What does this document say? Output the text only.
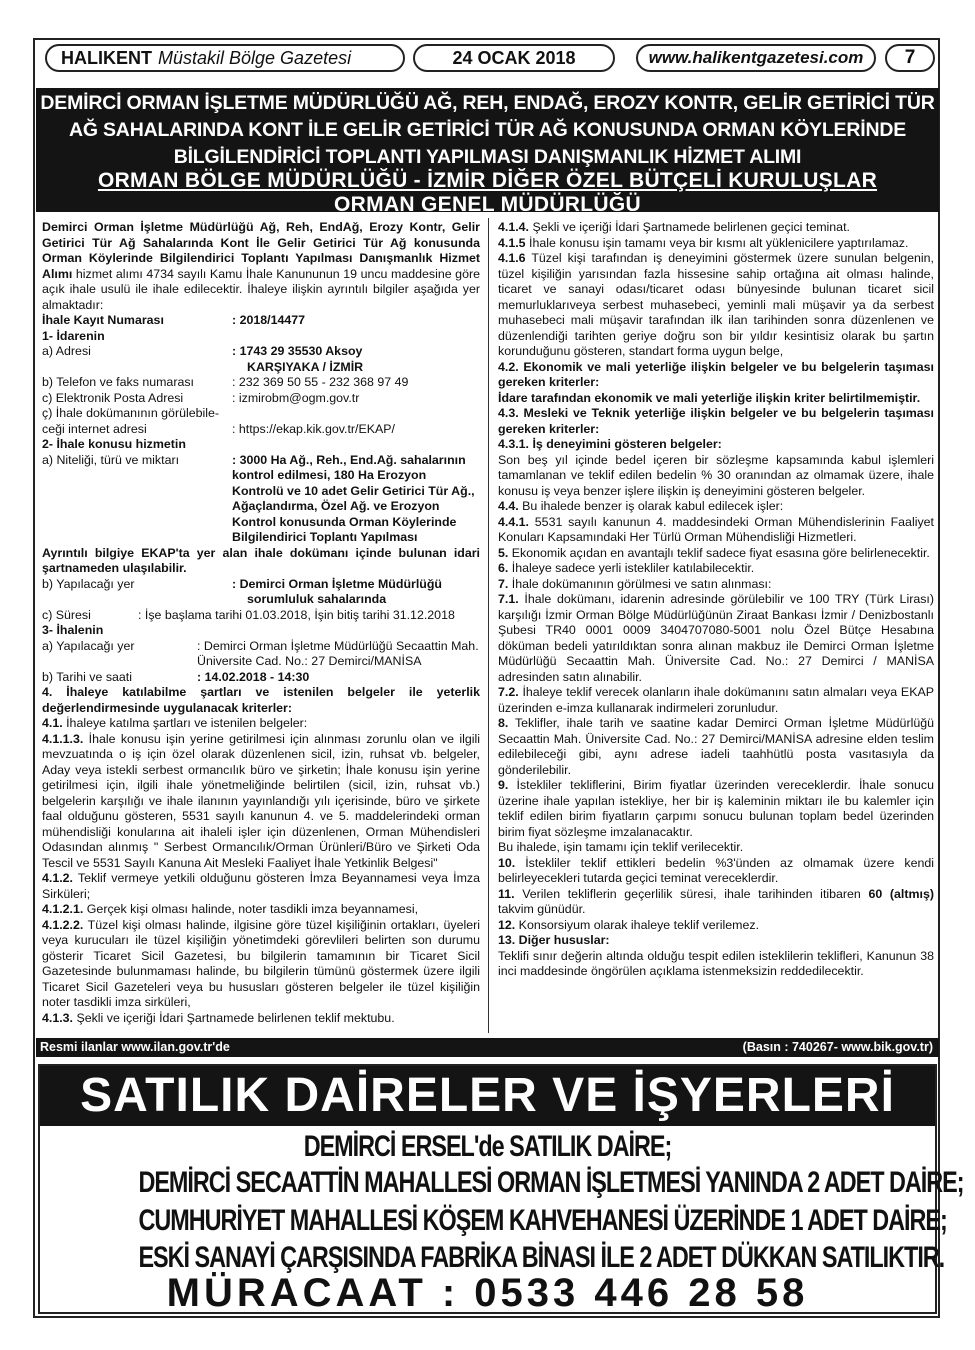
HALIKENT Müstakil Bölge Gazetesi	24 OCAK 2018	www.halikentgazetesi.com	7
DEMİRCİ ORMAN İŞLETME MÜDÜRLÜĞÜ AĞ, REH, ENDAĞ, EROZY KONTR, GELİR GETİRİCİ TÜR
AĞ SAHALARINDA KONT İLE GELİR GETİRİCİ TÜR AĞ KONUSUNDA ORMAN KÖYLERİNDE
BİLGİLENDİRİCİ TOPLANTI YAPILMASI DANIŞMANLIK HİZMET ALIMI
ORMAN BÖLGE MÜDÜRLÜĞÜ - İZMİR DİĞER ÖZEL BÜTÇELİ KURULUŞLAR
ORMAN GENEL MÜDÜRLÜĞÜ

Demirci Orman İşletme Müdürlüğü Ağ, Reh, EndAğ, Erozy Kontr, Gelir Getirici Tür Ağ Sahalarında Kont İle Gelir Getirici Tür Ağ konusunda Orman Köylerinde Bilgilendirici Toplantı Yapılması Danışmanlık Hizmet Alımı hizmet alımı 4734 sayılı Kamu İhale Kanununun 19 uncu maddesine göre açık ihale usulü ile ihale edilecektir. İhaleye ilişkin ayrıntılı bilgiler aşağıda yer almaktadır:

İhale Kayıt Numarası	: 2018/14477

1- İdarenin

a) Adresi	: 1743 29 35530 Aksoy
KARŞIYAKA / İZMİR
b) Telefon ve faks numarası	: 232 369 50 55 - 232 368 97 49
c) Elektronik Posta Adresi	: izmirobm@ogm.gov.tr
ç) İhale dokümanının görülebile-
ceği internet adresi	: https://ekap.kik.gov.tr/EKAP/

2- İhale konusu hizmetin

a) Niteliği, türü ve miktarı	: 3000 Ha Ağ., Reh., End.Ağ. sahalarının kontrol edilmesi, 180 Ha Erozyon Kontrolü ve 10 adet Gelir Getirici Tür Ağ., Ağaçlandırma, Özel Ağ. ve Erozyon Kontrol konusunda Orman Köylerinde Bilgilendirici Toplantı Yapılması

Ayrıntılı bilgiye EKAP'ta yer alan ihale dokümanı içinde bulunan idari şartnameden ulaşılabilir.

b) Yapılacağı yer	: Demirci Orman İşletme Müdürlüğü
sorumluluk sahalarında
c) Süresi	: İşe başlama tarihi 01.03.2018, İşin bitiş tarihi 31.12.2018

3- İhalenin

a) Yapılacağı yer	: Demirci Orman İşletme Müdürlüğü Secaattin Mah. Üniversite Cad. No.: 27 Demirci/MANİSA
b) Tarihi ve saati	: 14.02.2018 - 14:30

4. İhaleye katılabilme şartları ve istenilen belgeler ile yeterlik değerlendirmesinde uygulanacak kriterler:

4.1. İhaleye katılma şartları ve istenilen belgeler:

4.1.1.3. İhale konusu işin yerine getirilmesi için alınması zorunlu olan ve ilgili mevzuatında o iş için özel olarak düzenlenen sicil, izin, ruhsat vb. belgeler, Aday veya istekli serbest ormancılık büro ve şirketin; İhale konusu işin yerine getirilmesi için, ilgili ihale yönetmeliğinde belirtilen (sicil, izin, ruhsat vb.) belgelerin karşılığı ve ihale ilanının yayınlandığı yılı içerisinde, büro ve şirkete faal olduğunu gösteren, 5531 sayılı kanunun 4. ve 5. maddelerindeki orman mühendisliği konularına ait ihaleli işler için düzenlenen, Orman Mühendisleri Odasından alınmış " Serbest Ormancılık/Orman Ürünleri/Büro ve Şirketi Oda Tescil ve 5531 Sayılı Kanuna Ait Mesleki Faaliyet İhale Yetkinlik Belgesi"

4.1.2. Teklif vermeye yetkili olduğunu gösteren İmza Beyannamesi veya İmza Sirküleri;

4.1.2.1. Gerçek kişi olması halinde, noter tasdikli imza beyannamesi,

4.1.2.2. Tüzel kişi olması halinde, ilgisine göre tüzel kişiliğinin ortakları, üyeleri veya kurucuları ile tüzel kişiliğin yönetimdeki görevlileri belirten son durumu gösterir Ticaret Sicil Gazetesi, bu bilgilerin tamamının bir Ticaret Sicil Gazetesinde bulunmaması halinde, bu bilgilerin tümünü göstermek üzere ilgili Ticaret Sicil Gazeteleri veya bu hususları gösteren belgeler ile tüzel kişiliğin noter tasdikli imza sirküleri,

4.1.3. Şekli ve içeriği İdari Şartnamede belirlenen teklif mektubu.

4.1.4. Şekli ve içeriği İdari Şartnamede belirlenen geçici teminat.

4.1.5 İhale konusu işin tamamı veya bir kısmı alt yüklenicilere yaptırılamaz.

4.1.6 Tüzel kişi tarafından iş deneyimini göstermek üzere sunulan belgenin, tüzel kişiliğin yarısından fazla hissesine sahip ortağına ait olması halinde, ticaret ve sanayi odası/ticaret odası bünyesinde bulunan ticaret sicil memurluklarıveya serbest muhasebeci, yeminli mali müşavir ya da serbest muhasebeci mali müşavir tarafından ilk ilan tarihinden sonra düzenlenen ve düzenlendiği tarihten geriye doğru son bir yıldır kesintisiz olarak bu şartın korunduğunu gösteren, standart forma uygun belge,

4.2. Ekonomik ve mali yeterliğe ilişkin belgeler ve bu belgelerin taşıması gereken kriterler:

İdare tarafından ekonomik ve mali yeterliğe ilişkin kriter belirtilmemiştir.

4.3. Mesleki ve Teknik yeterliğe ilişkin belgeler ve bu belgelerin taşıması gereken kriterler:

4.3.1. İş deneyimini gösteren belgeler:

Son beş yıl içinde bedel içeren bir sözleşme kapsamında kabul işlemleri tamamlanan ve teklif edilen bedelin % 30 oranından az olmamak üzere, ihale konusu iş veya benzer işlere ilişkin iş deneyimini gösteren belgeler.

4.4. Bu ihalede benzer iş olarak kabul edilecek işler:

4.4.1. 5531 sayılı kanunun 4. maddesindeki Orman Mühendislerinin Faaliyet Konuları Kapsamındaki Her Türlü Orman Mühendisliği Hizmetleri.

5. Ekonomik açıdan en avantajlı teklif sadece fiyat esasına göre belirlenecektir.

6. İhaleye sadece yerli istekliler katılabilecektir.

7. İhale dokümanının görülmesi ve satın alınması:

7.1. İhale dokümanı, idarenin adresinde görülebilir ve 100 TRY (Türk Lirası) karşılığı İzmir Orman Bölge Müdürlüğünün Ziraat Bankası İzmir / Denizbostanlı Şubesi TR40 0001 0009 3404707080-5001 nolu Özel Bütçe Hesabına döküman bedeli yatırıldıktan sonra alınan makbuz ile Demirci Orman İşletme Müdürlüğü Secaattin Mah. Üniversite Cad. No.: 27 Demirci / MANİSA adresinden satın alınabilir.

7.2. İhaleye teklif verecek olanların ihale dokümanını satın almaları veya EKAP üzerinden e-imza kullanarak indirmeleri zorunludur.

8. Teklifler, ihale tarih ve saatine kadar Demirci Orman İşletme Müdürlüğü Secaattin Mah. Üniversite Cad. No.: 27 Demirci/MANİSA adresine elden teslim edilebileceği gibi, aynı adrese iadeli taahhütlü posta vasıtasıyla da gönderilebilir.

9. İstekliler tekliflerini, Birim fiyatlar üzerinden vereceklerdir. İhale sonucu üzerine ihale yapılan istekliye, her bir iş kaleminin miktarı ile bu kalemler için teklif edilen birim fiyatların çarpımı sonucu bulunan toplam bedel üzerinden birim fiyat sözleşme imzalanacaktır.

Bu ihalede, işin tamamı için teklif verilecektir.

10. İstekliler teklif ettikleri bedelin %3'ünden az olmamak üzere kendi belirleyecekleri tutarda geçici teminat vereceklerdir.

11. Verilen tekliflerin geçerlilik süresi, ihale tarihinden itibaren 60 (altmış) takvim günüdür.

12. Konsorsiyum olarak ihaleye teklif verilemez.

13. Diğer hususlar:

Teklifi sınır değerin altında olduğu tespit edilen isteklilerin teklifleri, Kanunun 38 inci maddesinde öngörülen açıklama istenmeksizin reddedilecektir.

Resmi ilanlar www.ilan.gov.tr'de	(Basın : 740267- www.bik.gov.tr)
SATILIK DAİRELER VE İŞYERLERİ
DEMİRCİ ERSEL'de SATILIK DAİRE;
DEMİRCİ SECAATTİN MAHALLESİ ORMAN İŞLETMESİ YANINDA 2 ADET DAİRE;
CUMHURİYET MAHALLESİ KÖŞEM KAHVEHANESİ ÜZERİNDE 1 ADET DAİRE;
ESKİ SANAYİ ÇARŞISINDA FABRİKA BİNASI İLE 2 ADET DÜKKAN SATILIKTIR.
MÜRACAAT : 0533 446 28 58
